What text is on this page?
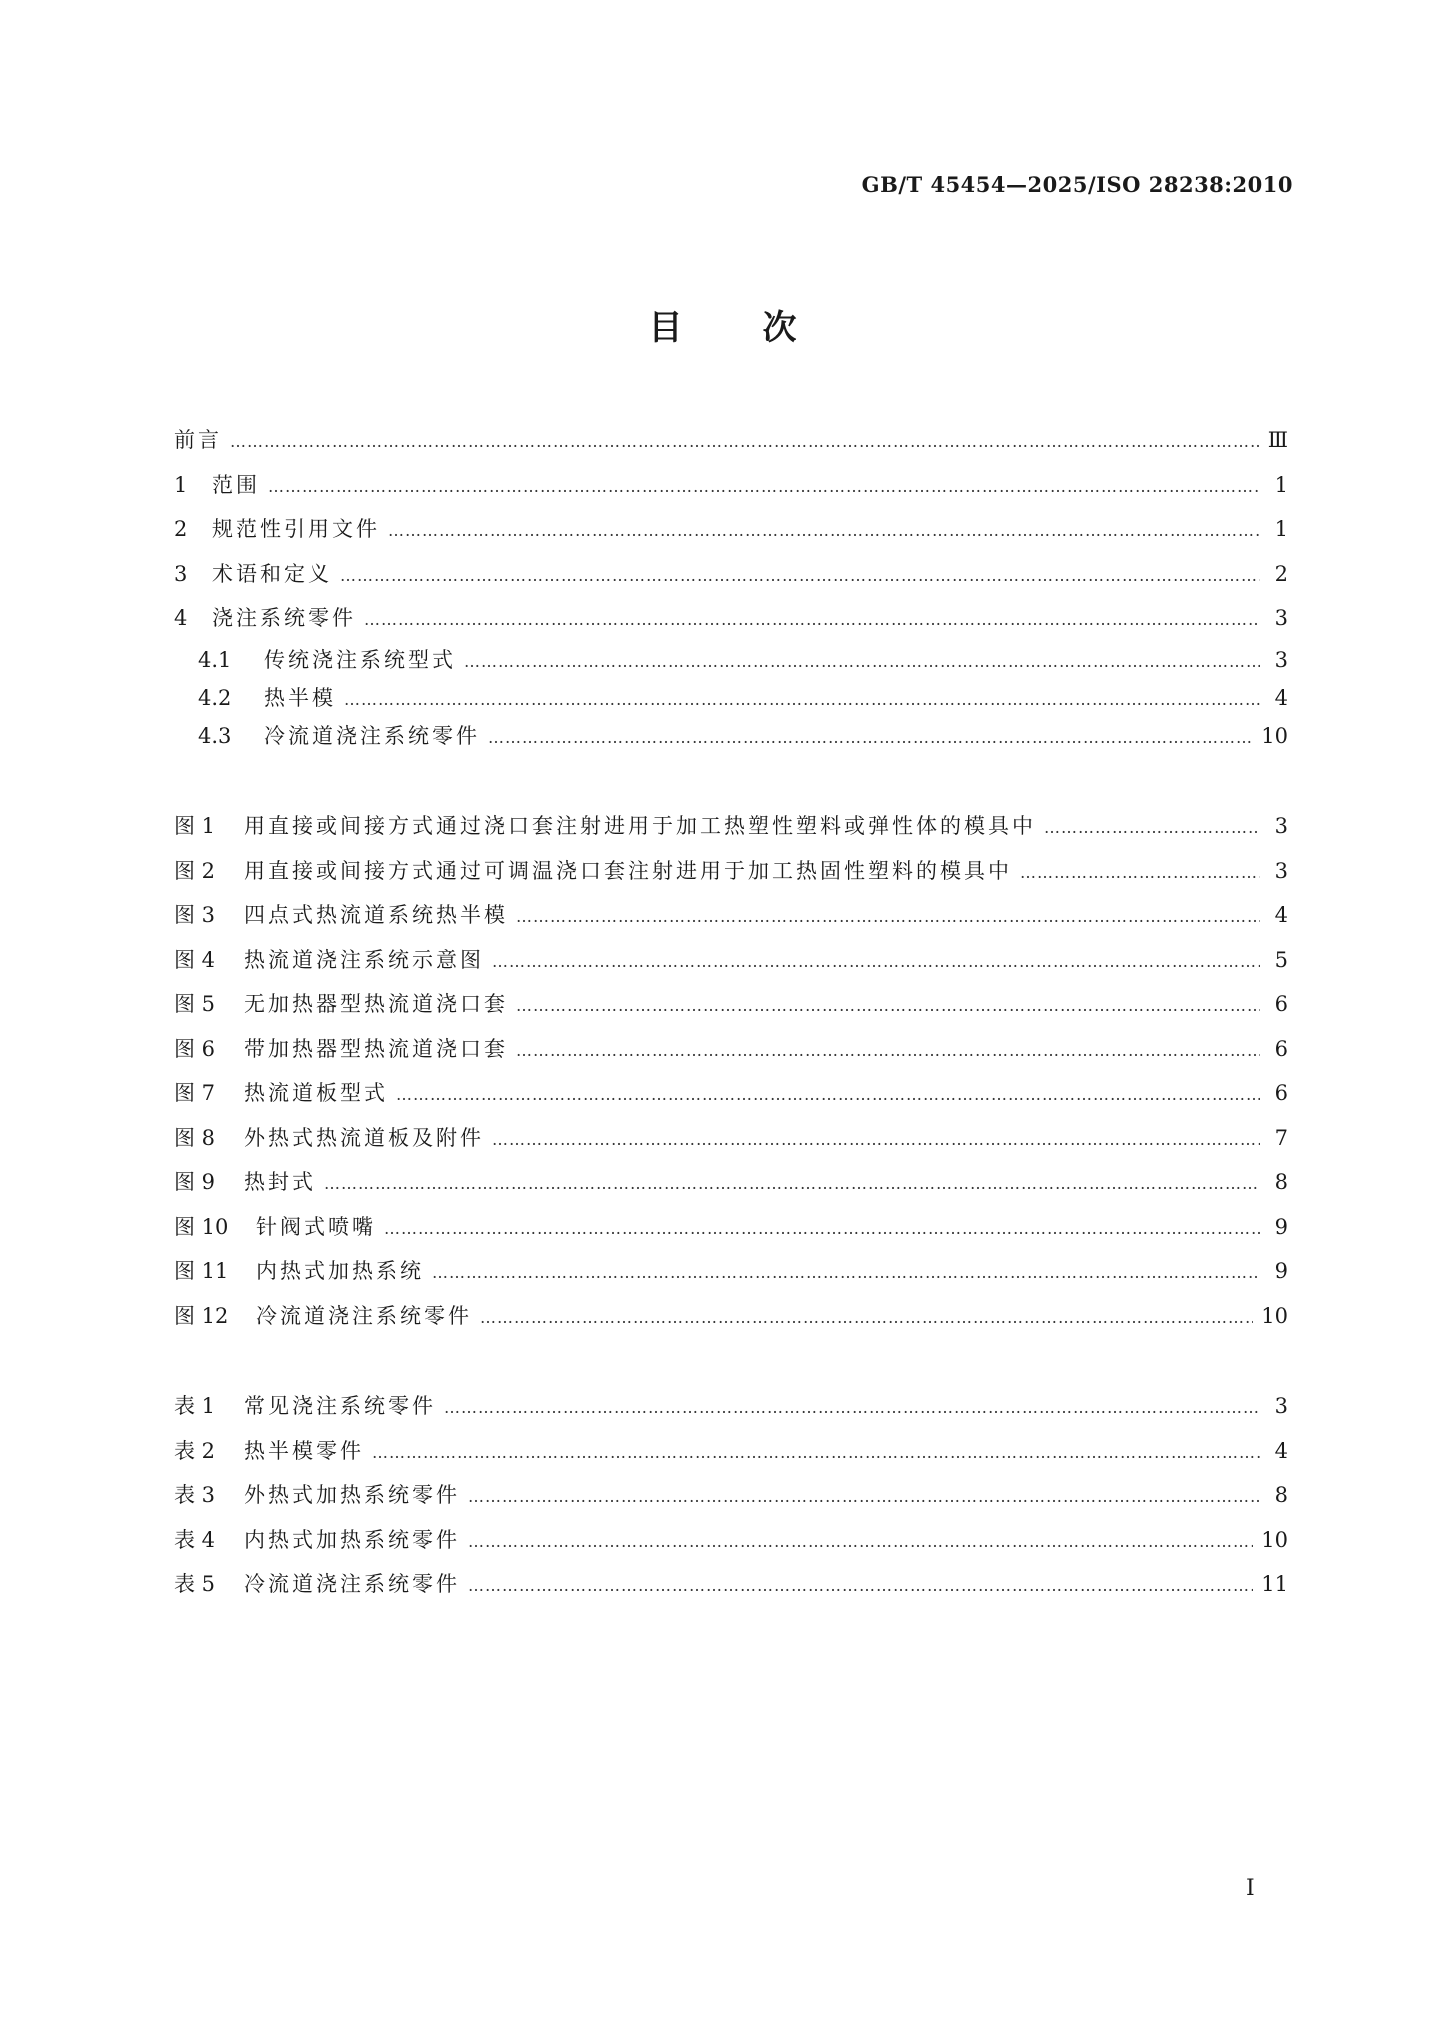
GB/T 45454—2025/ISO 28238:2010
目次
前言 ……………………………………………………………………………………………………………………………………………………………………………………………………………………………………………………………	Ⅲ
1	范围 ……………………………………………………………………………………………………………………………………………………………………………………………………………………………………………………………	1
2	规范性引用文件 ……………………………………………………………………………………………………………………………………………………………………………………………………………………………………………………………	1
3	术语和定义 ……………………………………………………………………………………………………………………………………………………………………………………………………………………………………………………………	2
4	浇注系统零件 ……………………………………………………………………………………………………………………………………………………………………………………………………………………………………………………………	3
4.1	传统浇注系统型式 ……………………………………………………………………………………………………………………………………………………………………………………………………………………………………………………………	3
4.2	热半模 ……………………………………………………………………………………………………………………………………………………………………………………………………………………………………………………………	4
4.3	冷流道浇注系统零件 ……………………………………………………………………………………………………………………………………………………………………………………………………………………………………………………………	10
图 1	用直接或间接方式通过浇口套注射进用于加工热塑性塑料或弹性体的模具中 ……………………………………………………………………………………………………………………………………………………………………………………………………………………………………………………………	3
图 2	用直接或间接方式通过可调温浇口套注射进用于加工热固性塑料的模具中 ……………………………………………………………………………………………………………………………………………………………………………………………………………………………………………………………	3
图 3	四点式热流道系统热半模 ……………………………………………………………………………………………………………………………………………………………………………………………………………………………………………………………	4
图 4	热流道浇注系统示意图 ……………………………………………………………………………………………………………………………………………………………………………………………………………………………………………………………	5
图 5	无加热器型热流道浇口套 ……………………………………………………………………………………………………………………………………………………………………………………………………………………………………………………………	6
图 6	带加热器型热流道浇口套 ……………………………………………………………………………………………………………………………………………………………………………………………………………………………………………………………	6
图 7	热流道板型式 ……………………………………………………………………………………………………………………………………………………………………………………………………………………………………………………………	6
图 8	外热式热流道板及附件 ……………………………………………………………………………………………………………………………………………………………………………………………………………………………………………………………	7
图 9	热封式 ……………………………………………………………………………………………………………………………………………………………………………………………………………………………………………………………	8
图 10	针阀式喷嘴 ……………………………………………………………………………………………………………………………………………………………………………………………………………………………………………………………	9
图 11	内热式加热系统 ……………………………………………………………………………………………………………………………………………………………………………………………………………………………………………………………	9
图 12	冷流道浇注系统零件 ……………………………………………………………………………………………………………………………………………………………………………………………………………………………………………………………	10
表 1	常见浇注系统零件 ……………………………………………………………………………………………………………………………………………………………………………………………………………………………………………………………	3
表 2	热半模零件 ……………………………………………………………………………………………………………………………………………………………………………………………………………………………………………………………	4
表 3	外热式加热系统零件 ……………………………………………………………………………………………………………………………………………………………………………………………………………………………………………………………	8
表 4	内热式加热系统零件 ……………………………………………………………………………………………………………………………………………………………………………………………………………………………………………………………	10
表 5	冷流道浇注系统零件 ……………………………………………………………………………………………………………………………………………………………………………………………………………………………………………………………	11
I
